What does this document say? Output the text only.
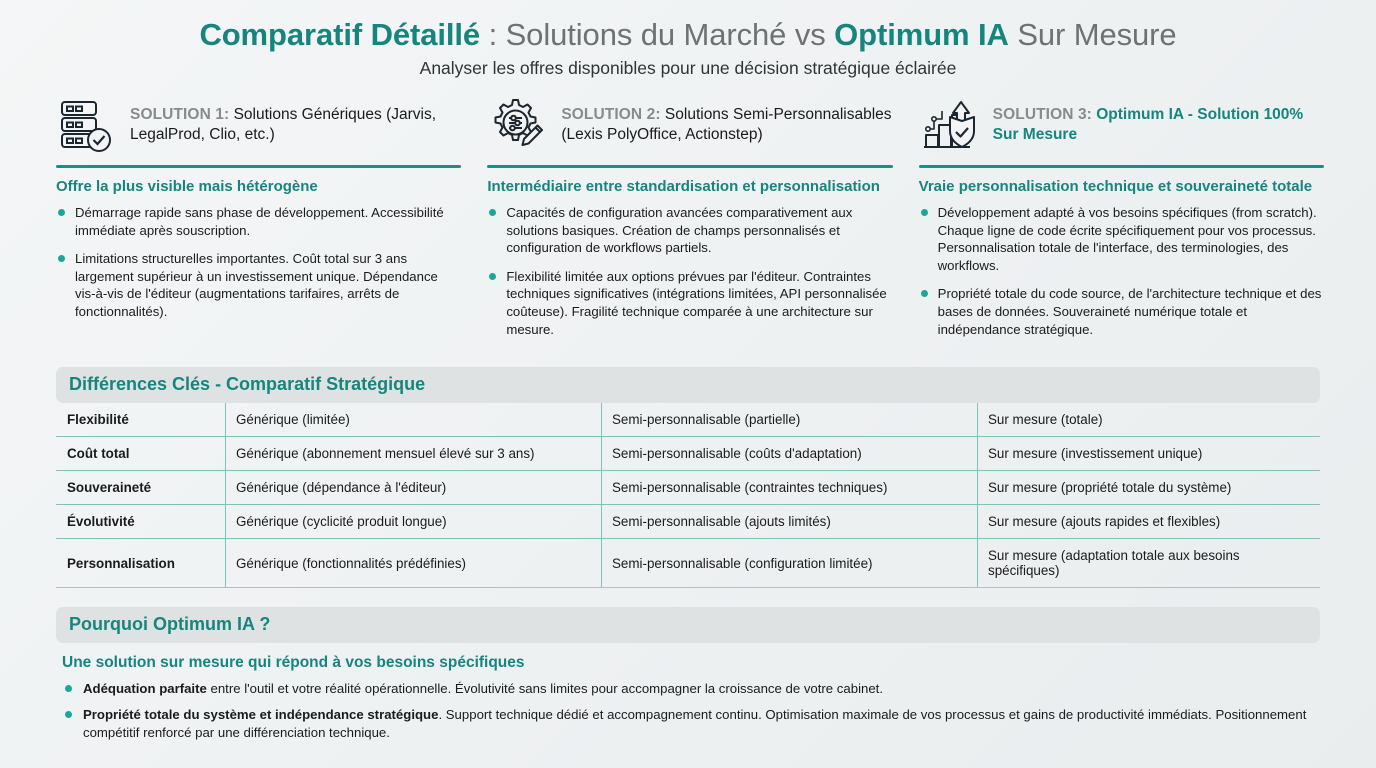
Comparatif Détaillé : Solutions du Marché vs Optimum IA Sur Mesure
Analyser les offres disponibles pour une décision stratégique éclairée
SOLUTION 1: Solutions Génériques (Jarvis, LegalProd, Clio, etc.)
Offre la plus visible mais hétérogène
Démarrage rapide sans phase de développement. Accessibilité immédiate après souscription.
Limitations structurelles importantes. Coût total sur 3 ans largement supérieur à un investissement unique. Dépendance vis-à-vis de l'éditeur (augmentations tarifaires, arrêts de fonctionnalités).
SOLUTION 2: Solutions Semi-Personnalisables (Lexis PolyOffice, Actionstep)
Intermédiaire entre standardisation et personnalisation
Capacités de configuration avancées comparativement aux solutions basiques. Création de champs personnalisés et configuration de workflows partiels.
Flexibilité limitée aux options prévues par l'éditeur. Contraintes techniques significatives (intégrations limitées, API personnalisée coûteuse). Fragilité technique comparée à une architecture sur mesure.
SOLUTION 3: Optimum IA - Solution 100% Sur Mesure
Vraie personnalisation technique et souveraineté totale
Développement adapté à vos besoins spécifiques (from scratch). Chaque ligne de code écrite spécifiquement pour vos processus. Personnalisation totale de l'interface, des terminologies, des workflows.
Propriété totale du code source, de l'architecture technique et des bases de données. Souveraineté numérique totale et indépendance stratégique.
Différences Clés - Comparatif Stratégique
Flexibilité	Générique (limitée)	Semi-personnalisable (partielle)	Sur mesure (totale)
Coût total	Générique (abonnement mensuel élevé sur 3 ans)	Semi-personnalisable (coûts d'adaptation)	Sur mesure (investissement unique)
Souveraineté	Générique (dépendance à l'éditeur)	Semi-personnalisable (contraintes techniques)	Sur mesure (propriété totale du système)
Évolutivité	Générique (cyclicité produit longue)	Semi-personnalisable (ajouts limités)	Sur mesure (ajouts rapides et flexibles)
Personnalisation	Générique (fonctionnalités prédéfinies)	Semi-personnalisable (configuration limitée)	Sur mesure (adaptation totale aux besoins spécifiques)
Pourquoi Optimum IA ?
Une solution sur mesure qui répond à vos besoins spécifiques
Adéquation parfaite entre l'outil et votre réalité opérationnelle. Évolutivité sans limites pour accompagner la croissance de votre cabinet.
Propriété totale du système et indépendance stratégique. Support technique dédié et accompagnement continu. Optimisation maximale de vos processus et gains de productivité immédiats. Positionnement compétitif renforcé par une différenciation technique.
